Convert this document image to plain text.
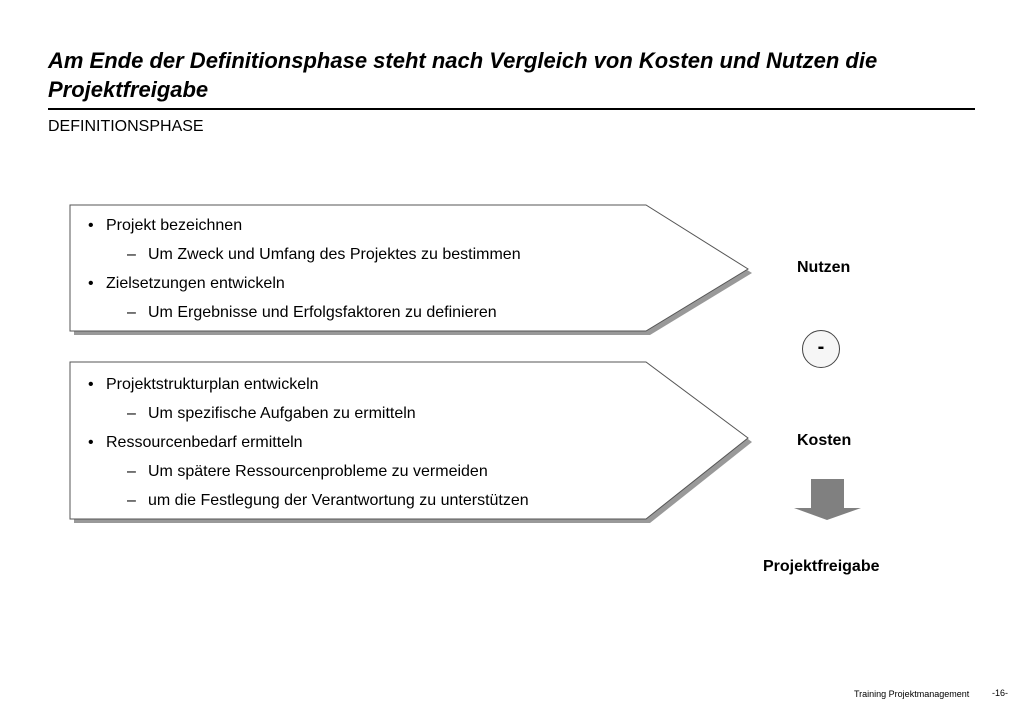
Am Ende der Definitionsphase steht nach Vergleich von Kosten und Nutzen die Projektfreigabe
DEFINITIONSPHASE
• Projekt bezeichnen
– Um Zweck und Umfang des Projektes zu bestimmen
• Zielsetzungen entwickeln
– Um Ergebnisse und Erfolgsfaktoren zu definieren
• Projektstrukturplan entwickeln
– Um spezifische Aufgaben zu ermitteln
• Ressourcenbedarf ermitteln
– Um spätere Ressourcenprobleme zu vermeiden
– um die Festlegung der Verantwortung zu unterstützen
Nutzen
-
Kosten
Projektfreigabe
Training Projektmanagement	-16-
